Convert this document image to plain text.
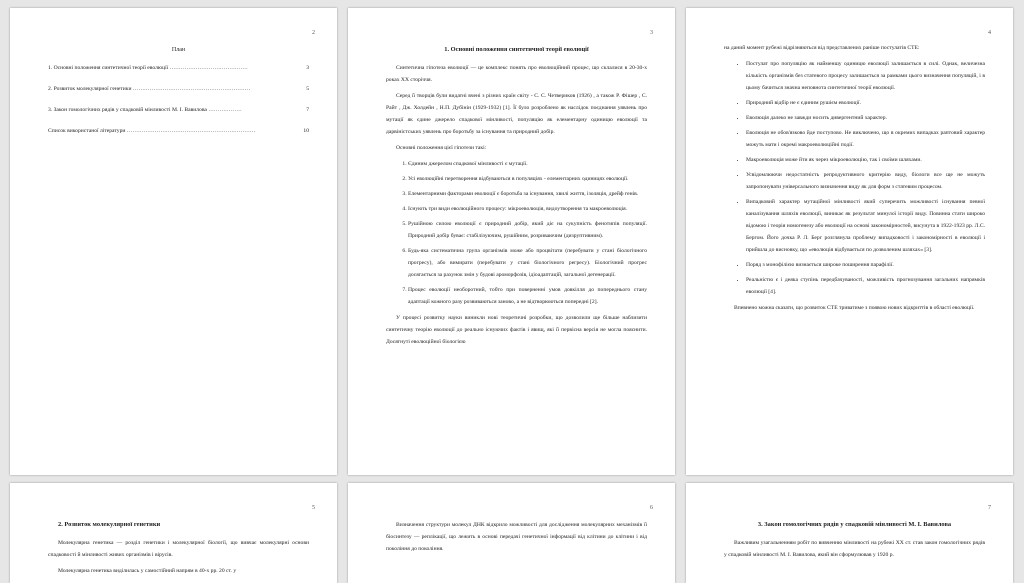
2
План
1. Основні положення синтетичної теорії еволюції ……………………………………	3
2. Розвиток молекулярної генетики ………………………………………………………	5
3. Закон гомологічних рядів у спадковій мінливості М. І. Вавилова ………………	7
Список використаної літератури ……………………………………………………………	10
3
1. Основні положення синтетичної теорії еволюції

Синтетична гіпотеза еволюції — це комплекс понять про еволюційний процес, що склалися в 20-30-х роках XX сторіччя.

Серед її творців були видатні вчені з різних країн світу - С. С. Четвериков (1926) , а також Р. Фішер , С. Райт , Дж. Холдейн , Н.П. Дубінін (1929-1932) [1]. Її було розроблено як наслідок поєднання уявлень про мутації як єдине джерело спадкової мінливості, популяцію як елементарну одиницю еволюції та дарвіністських уявлень про боротьбу за існування та природний добір.

Основні положення цієї гіпотези такі:

1. Єдиним джерелом спадкової мінливості є мутації.
2. Усі еволюційні перетворення відбуваються в популяціях - елементарних одиницях еволюції.
3. Елементарними факторами еволюції є боротьба за існування, хвилі життя, ізоляція, дрейф генів.
4. Існують три види еволюційного процесу: мікроеволюція, видоутворення та макроеволюція.
5. Рушійною силою еволюції є природний добір, який діє на сукупність фенотипів популяції. Природний добір буває: стабілізуючим, рушійним, розриваючим (дизруптивним).
6. Будь-яка систематична група організмів може або процвітати (перебувати у стані біологічного прогресу), або вимирати (перебувати у стані біологічного регресу). Біологічний прогрес досягається за рахунок змін у будові ароморфозів, ідіоадаптацій, загальної дегенерації.
7. Процес еволюції необоротний, тобто при поверненні умов довкілля до попереднього стану адаптації кожного разу розвиваються заново, а не відтворюються попередні [2].

У процесі розвитку науки виникли нові теоретичні розробки, що дозволили ще більше наблизити синтетичну теорію еволюції до реально існуючих фактів і явищ, які її первісна версія не могла пояснити. Досягнуті еволюційної біологією

4

на даний момент рубежі відрізняються від представлених раніше постулатів СТЕ:

• Постулат про популяцію як найменшу одиницю еволюції залишається в силі. Однак, величезна кількість організмів без статевого процесу залишається за рамками цього визначення популяцій, і в цьому бачиться значна неповнота синтетичної теорії еволюції.
• Природний відбір не є єдиним рушієм еволюції.
• Еволюція далеко не завжди носить дивергентний характер.
• Еволюція не обов'язково йде поступово. Не виключено, що в окремих випадках раптовий характер можуть мати і окремі макроеволюційні події.
• Макроеволюція може йти як через мікроеволюцію, так і своїми шляхами.
• Усвідомлюючи недостатність репродуктивного критерію виду, біологи все ще не можуть запропонувати універсального визначення виду як для форм з статевим процесом.
• Випадковий характер мутаційної мінливості який суперечить можливості існування певної каналізування шляхів еволюції, виникає як результат минулої історії виду. Повинна стати широко відомою і теорія номогенезу або еволюції на основі закономірностей, висунута в 1922-1923 рр. Л.С. Бергом. Його дочка Р. Л. Берг розглянула проблему випадковості і закономірності в еволюції і прийшла до висновку, що «еволюція відбувається по дозволеним шляхах» [3].
• Поряд з монофілією визнається широке поширення парафілії.
• Реальністю є і деяка ступінь передбачуваності, можливість прогнозування загальних напрямків еволюції [4].

Впевнено можна сказати, що розвиток СТЕ триватиме з появою нових відкриттів в області еволюції.

5
2. Розвиток молекулярної генетики

Молекулярна генетика — розділ генетики і молекулярної біології, що вивчає молекулярні основи спадковості й мінливості живих організмів і вірусів.

Молекулярна генетика виділилась у самостійний напрям в 40-х рр. 20 ст. у

6

Визначення структури молекул ДНК відкрило можливості для дослідження молекулярних механізмів її біосинтезу — реплікації, що лежить в основі передачі генетичної інформації від клітини до клітини і від покоління до покоління.

7
3. Закон гомологічних рядів у спадковій мінливості М. І. Вавилова

Важливим узагальненням робіт по вивченню мінливості на рубежі XX ст. став закон гомологічних рядів у спадковій мінливості М. І. Вавилова, який він сформулював у 1920 р.
